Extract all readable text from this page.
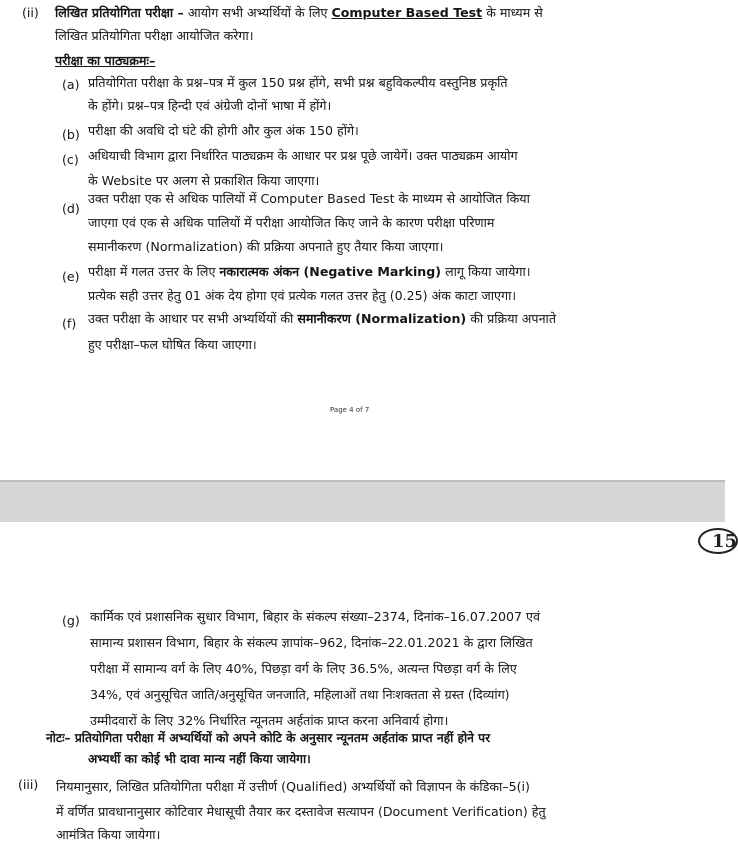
(ii) लिखित प्रतियोगिता परीक्षा – आयोग सभी अभ्यर्थियों के लिए Computer Based Test के माध्यम से
लिखित प्रतियोगिता परीक्षा आयोजित करेगा।
परीक्षा का पाठ्यक्रमः–
(a) प्रतियोगिता परीक्षा के प्रश्न–पत्र में कुल 150 प्रश्न होंगे, सभी प्रश्न बहुविकल्पीय वस्तुनिष्ठ प्रकृति
के होंगे। प्रश्न–पत्र हिन्दी एवं अंग्रेजी दोनों भाषा में होंगे।
(b) परीक्षा की अवधि दो घंटे की होगी और कुल अंक 150 होंगे।
(c) अधियाची विभाग द्वारा निर्धारित पाठ्यक्रम के आधार पर प्रश्न पूछे जायेगें। उक्त पाठ्यक्रम आयोग
के Website पर अलग से प्रकाशित किया जाएगा।
(d)
उक्त परीक्षा एक से अधिक पालियों में Computer Based Test के माध्यम से आयोजित किया
जाएगा एवं एक से अधिक पालियों में परीक्षा आयोजित किए जाने के कारण परीक्षा परिणाम
समानीकरण (Normalization) की प्रक्रिया अपनाते हुए तैयार किया जाएगा।
(e) परीक्षा में गलत उत्तर के लिए नकारात्मक अंकन (Negative Marking) लागू किया जायेगा।
प्रत्येक सही उत्तर हेतु 01 अंक देय होगा एवं प्रत्येक गलत उत्तर हेतु (0.25) अंक काटा जाएगा।
(f) उक्त परीक्षा के आधार पर सभी अभ्यर्थियों की समानीकरण (Normalization) की प्रक्रिया अपनाते
हुए परीक्षा–फल घोषित किया जाएगा।
Page 4 of 7
15
(g) कार्मिक एवं प्रशासनिक सुधार विभाग, बिहार के संकल्प संख्या–2374, दिनांक–16.07.2007 एवं
सामान्य प्रशासन विभाग, बिहार के संकल्प ज्ञापांक–962, दिनांक–22.01.2021 के द्वारा लिखित
परीक्षा में सामान्य वर्ग के लिए 40%, पिछड़ा वर्ग के लिए 36.5%, अत्यन्त पिछड़ा वर्ग के लिए
34%, एवं अनुसूचित जाति/अनुसूचित जनजाति, महिलाओं तथा निःशक्तता से ग्रस्त (दिव्यांग)
उम्मीदवारों के लिए 32% निर्धारित न्यूनतम अर्हतांक प्राप्त करना अनिवार्य होगा।
नोटः– प्रतियोगिता परीक्षा में अभ्यर्थियों को अपने कोटि के अनुसार न्यूनतम अर्हतांक प्राप्त नहीं होने पर
अभ्यर्थी का कोई भी दावा मान्य नहीं किया जायेगा।
(iii) नियमानुसार, लिखित प्रतियोगिता परीक्षा में उत्तीर्ण (Qualified) अभ्यर्थियों को विज्ञापन के कंडिका–5(i)
में वर्णित प्रावधानानुसार कोटिवार मेधासूची तैयार कर दस्तावेज सत्यापन (Document Verification) हेतु
आमंत्रित किया जायेगा।
